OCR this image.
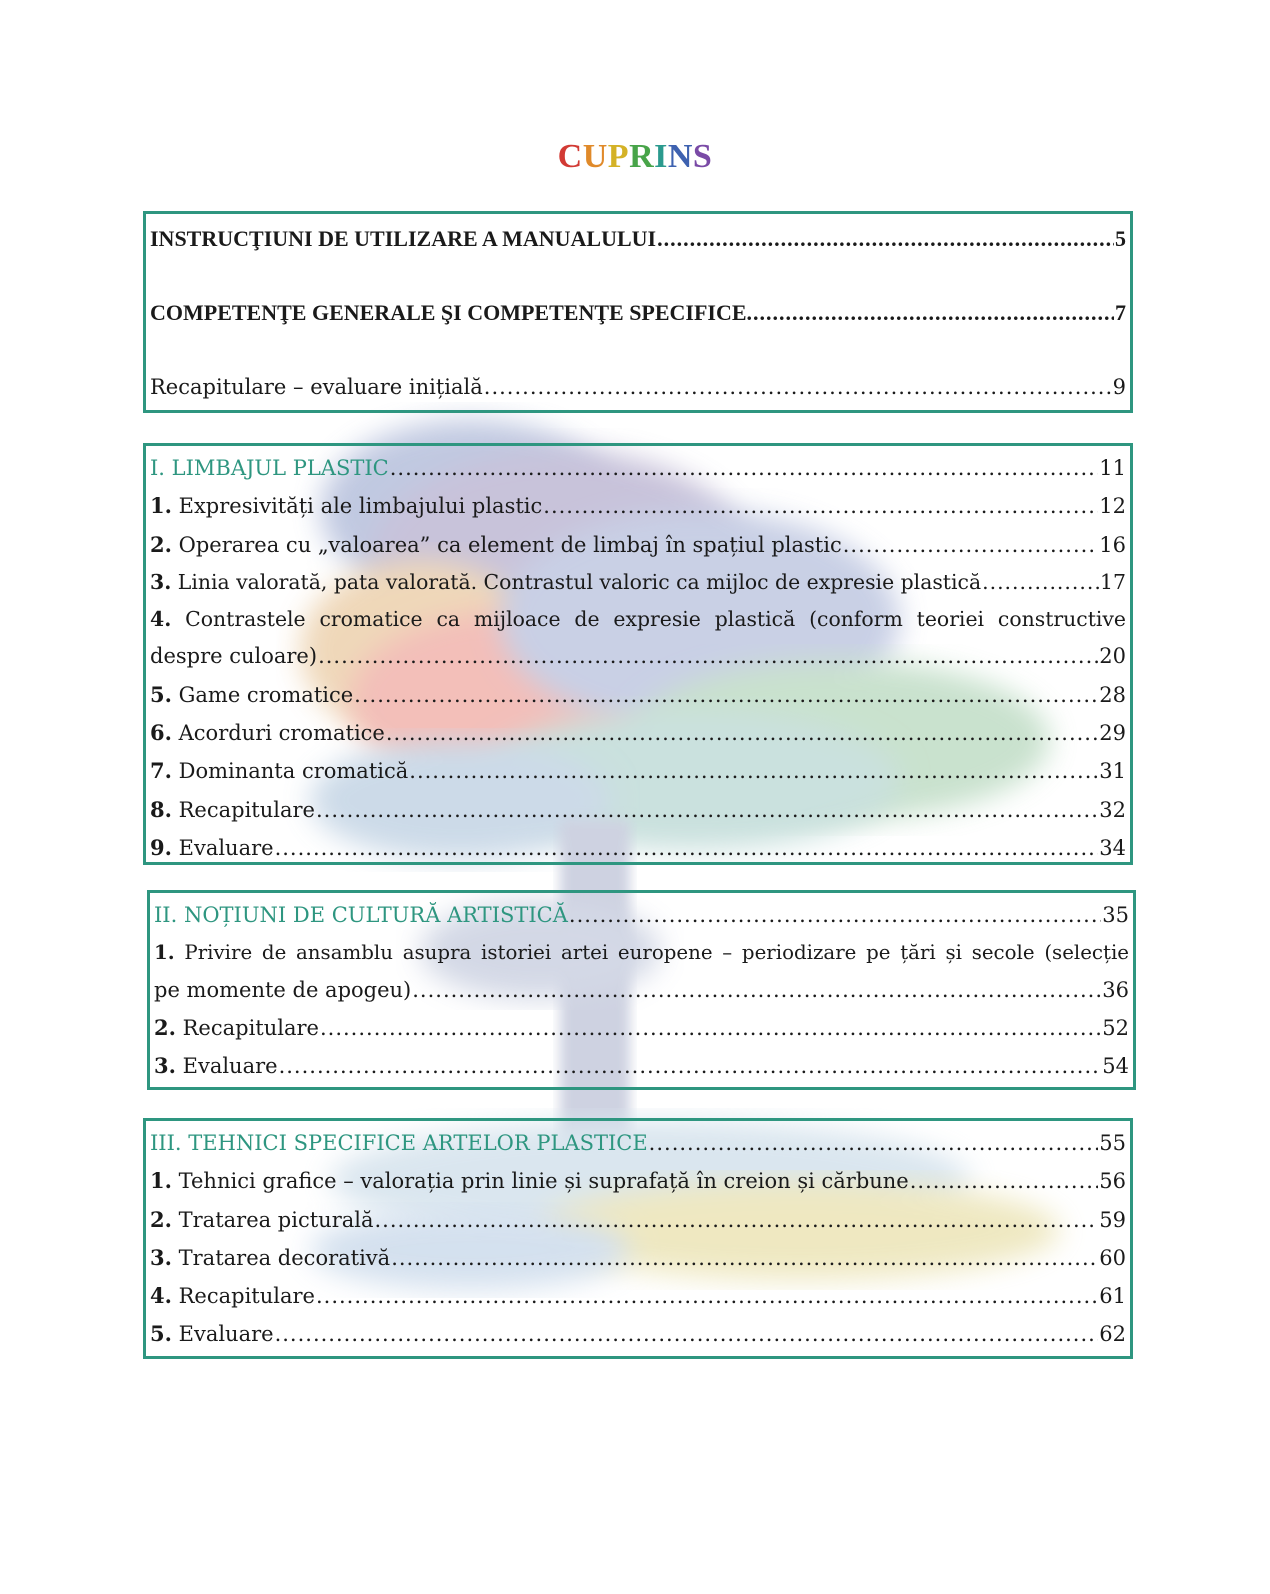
CUPRINS
INSTRUCŢIUNI DE UTILIZARE A MANUALULUI .....	5
COMPETENŢE GENERALE ŞI COMPETENŢE SPECIFICE. .....	7
Recapitulare – evaluare inițială .....	9
I. LIMBAJUL PLASTIC .....	11
1. Expresivități ale limbajului plastic .....	12
2. Operarea cu „valoarea” ca element de limbaj în spațiul plastic .....	16
3. Linia valorată, pata valorată. Contrastul valoric ca mijloc de expresie plastică .....	17
4. Contrastele cromatice ca mijloace de expresie plastică (conform teoriei constructive
despre culoare) .....	20
5. Game cromatice .....	28
6. Acorduri cromatice .....	29
7. Dominanta cromatică .....	31
8. Recapitulare .....	32
9. Evaluare .....	34
II. NOȚIUNI DE CULTURĂ ARTISTICĂ .....	35
1. Privire de ansamblu asupra istoriei artei europene – periodizare pe țări și secole (selecție
pe momente de apogeu) .....	36
2. Recapitulare .....	52
3. Evaluare .....	54
III. TEHNICI SPECIFICE ARTELOR PLASTICE .....	55
1. Tehnici grafice – valorația prin linie și suprafață în creion și cărbune .....	56
2. Tratarea picturală .....	59
3. Tratarea decorativă .....	60
4. Recapitulare .....	61
5. Evaluare .....	62
